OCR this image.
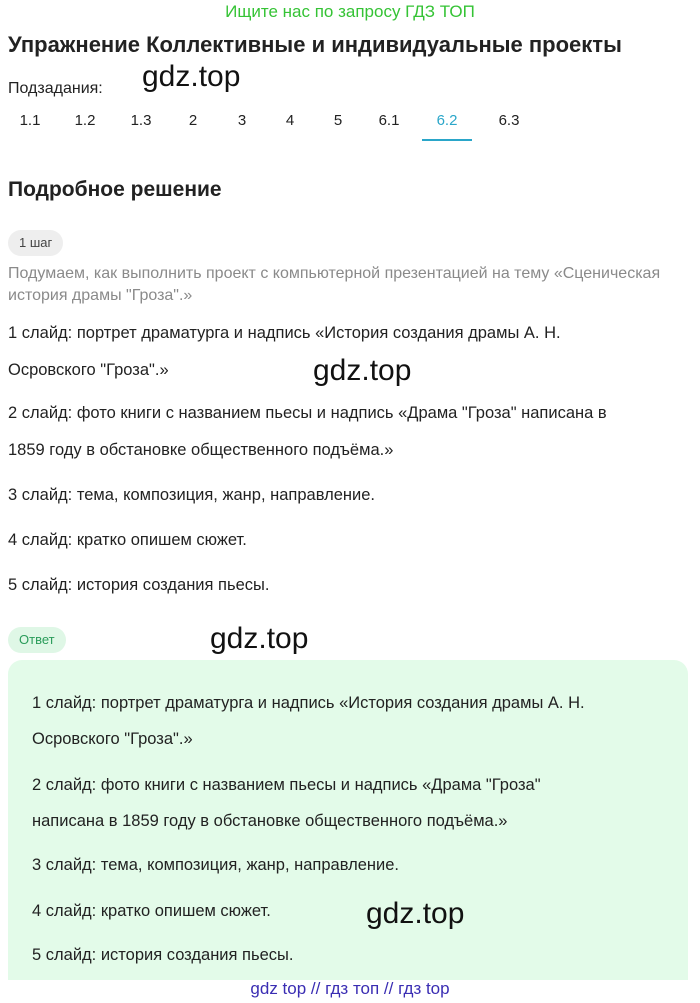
Ищите нас по запросу ГДЗ ТОП
Упражнение Коллективные и индивидуальные проекты
Подзадания: gdz.top
1.1	1.2	1.3	2	3	4	5	6.1	6.2	6.3
Подробное решение
1 шаг

Подумаем, как выполнить проект с компьютерной презентацией на тему «Сценическая история драмы "Гроза".»

1 слайд: портрет драматурга и надпись «История создания драмы А. Н.

Осровского "Гроза".»	gdz.top

2 слайд: фото книги с названием пьесы и надпись «Драма "Гроза" написана в

1859 году в обстановке общественного подъёма.»

3 слайд: тема, композиция, жанр, направление.

4 слайд: кратко опишем сюжет.

5 слайд: история создания пьесы.

Ответ	gdz.top

1 слайд: портрет драматурга и надпись «История создания драмы А. Н.

Осровского "Гроза".»

2 слайд: фото книги с названием пьесы и надпись «Драма "Гроза"

написана в 1859 году в обстановке общественного подъёма.»

3 слайд: тема, композиция, жанр, направление.

4 слайд: кратко опишем сюжет.

5 слайд: история создания пьесы.

gdz.top
gdz top // гдз топ // гдз top
